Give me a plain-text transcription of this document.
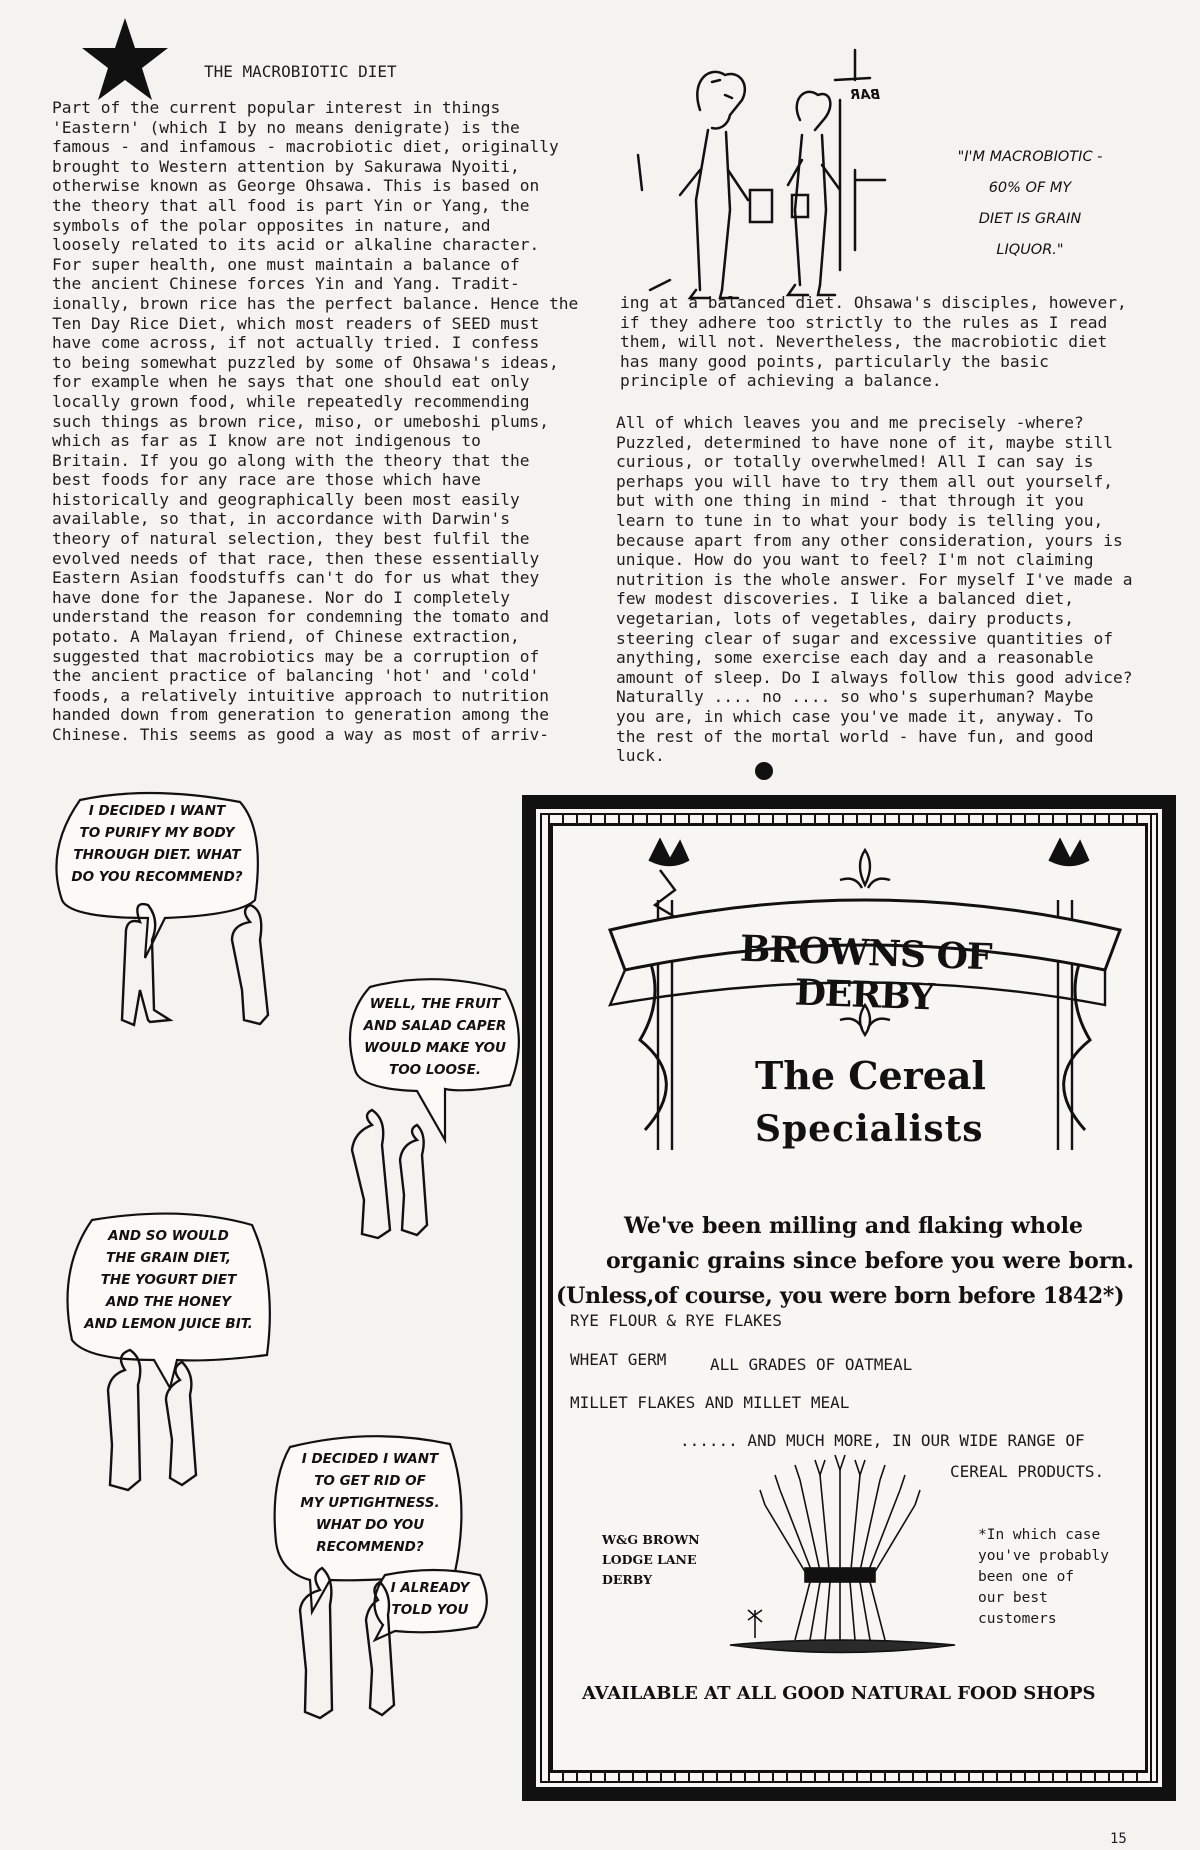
THE MACROBIOTIC DIET

Part of the current popular interest in things
'Eastern' (which I by no means denigrate) is the
famous - and infamous - macrobiotic diet, originally
brought to Western attention by Sakurawa Nyoiti,
otherwise known as George Ohsawa. This is based on
the theory that all food is part Yin or Yang, the
symbols of the polar opposites in nature, and
loosely related to its acid or alkaline character.
For super health, one must maintain a balance of
the ancient Chinese forces Yin and Yang. Tradit-
ionally, brown rice has the perfect balance. Hence the
Ten Day Rice Diet, which most readers of SEED must
have come across, if not actually tried. I confess
to being somewhat puzzled by some of Ohsawa's ideas,
for example when he says that one should eat only
locally grown food, while repeatedly recommending
such things as brown rice, miso, or umeboshi plums,
which as far as I know are not indigenous to
Britain. If you go along with the theory that the
best foods for any race are those which have
historically and geographically been most easily
available, so that, in accordance with Darwin's
theory of natural selection, they best fulfil the
evolved needs of that race, then these essentially
Eastern Asian foodstuffs can't do for us what they
have done for the Japanese. Nor do I completely
understand the reason for condemning the tomato and
potato. A Malayan friend, of Chinese extraction,
suggested that macrobiotics may be a corruption of
the ancient practice of balancing 'hot' and 'cold'
foods, a relatively intuitive approach to nutrition
handed down from generation to generation among the
Chinese. This seems as good a way as most of arriv-

ing at a balanced diet. Ohsawa's disciples, however,
if they adhere too strictly to the rules as I read
them, will not. Nevertheless, the macrobiotic diet
has many good points, particularly the basic
principle of achieving a balance.

All of which leaves you and me precisely -where?
Puzzled, determined to have none of it, maybe still
curious, or totally overwhelmed! All I can say is
perhaps you will have to try them all out yourself,
but with one thing in mind - that through it you
learn to tune in to what your body is telling you,
because apart from any other consideration, yours is
unique. How do you want to feel? I'm not claiming
nutrition is the whole answer. For myself I've made a
few modest discoveries. I like a balanced diet,
vegetarian, lots of vegetables, dairy products,
steering clear of sugar and excessive quantities of
anything, some exercise each day and a reasonable
amount of sleep. Do I always follow this good advice?
Naturally .... no .... so who's superhuman? Maybe
you are, in which case you've made it, anyway. To
the rest of the mortal world - have fun, and good
luck.

BAR
"I'M MACROBIOTIC -
60% OF MY
DIET IS GRAIN
LIQUOR."
I DECIDED I WANT
TO PURIFY MY BODY
THROUGH DIET. WHAT
DO YOU RECOMMEND?
WELL, THE FRUIT
AND SALAD CAPER
WOULD MAKE YOU
TOO LOOSE.
AND SO WOULD
THE GRAIN DIET,
THE YOGURT DIET
AND THE HONEY
AND LEMON JUICE BIT.
I DECIDED I WANT
TO GET RID OF
MY UPTIGHTNESS.
WHAT DO YOU
RECOMMEND?
I ALREADY
TOLD YOU
BROWNS OF DERBY
The Cereal
Specialists
We've been milling and flaking whole
organic grains since before you were born.
(Unless,of course, you were born before 1842*)
RYE FLOUR & RYE FLAKES
WHEAT GERM	ALL GRADES OF OATMEAL
MILLET FLAKES AND MILLET MEAL
...... AND MUCH MORE, IN OUR WIDE RANGE OF
CEREAL PRODUCTS.
W&G BROWN
LODGE LANE
DERBY
*In which case
you've probably
been one of
our best
customers
AVAILABLE AT ALL GOOD NATURAL FOOD SHOPS
15
